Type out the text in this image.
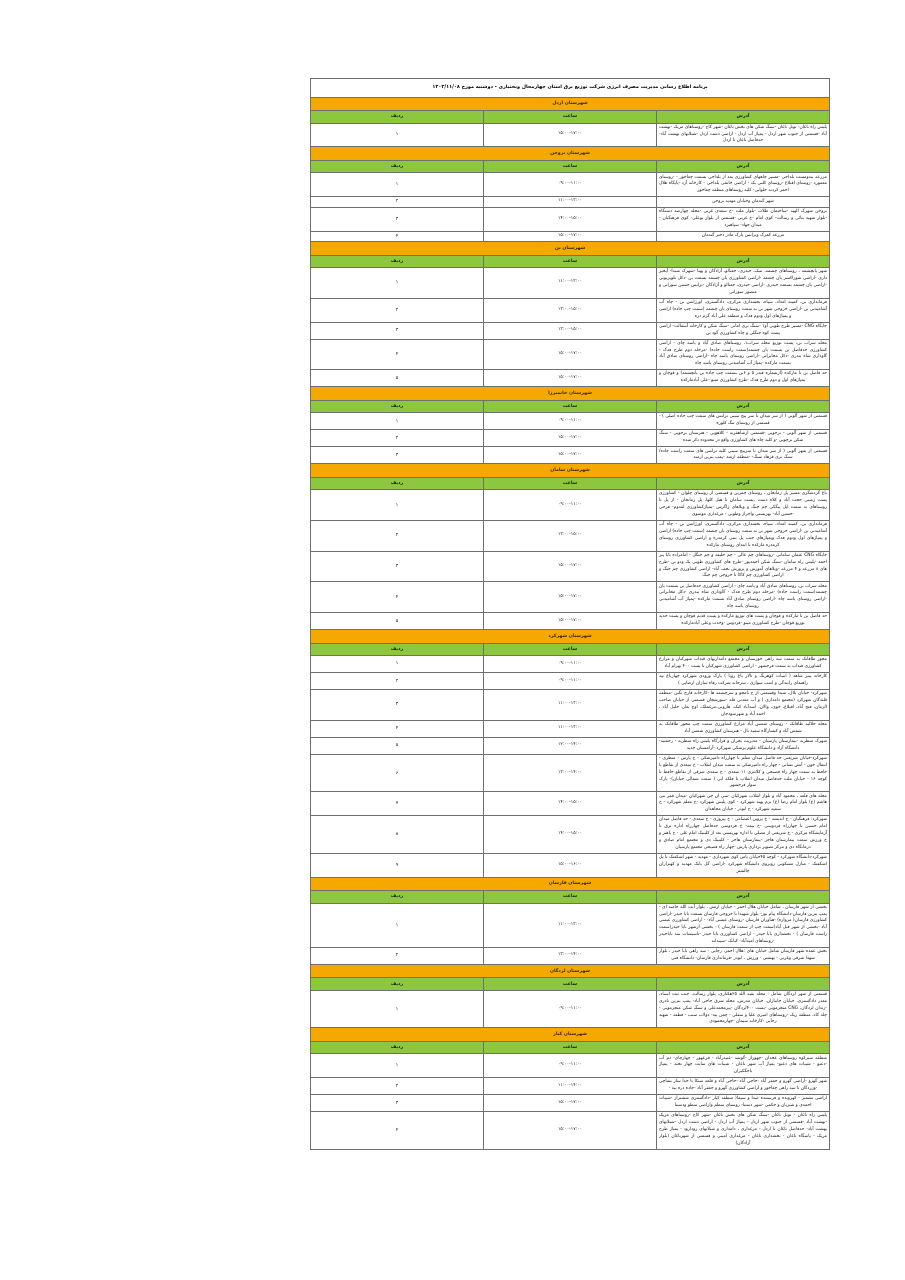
برنامه اطلاع رسانی مدیریت مصرف انرژی شرکت توزیع برق استان چهارمحال وبختیاری - دوشنبه مورخ ۱۴۰۳/۱۱/۰۸		
شهرستان اردل		
آدرس	ساعت	ردیف
پلیس راه ناغان- تونل ناغان -سنگ شکن های بخش ناغان -شهر کاج -روستاهای مریک -بهشت آباد -قسمتی از جنوب شهر اردل - پمپاژ آب اردل - اراضی دشت اردل -شبلانهای بهشت آباد- حدفاصل ناغان تا اردل	۱۵:۰۰-۱۷:۰۰	۱
شهرستان بروجن		
آدرس	ساعت	ردیف
مزرعه بندومست بلداجی -مسیر چاههای کشاورزی بعد از بلداجی بسمت چغاخور - -روستای معمورد -روستای اقبلاغ -روستای کلنی بک - اراضی خانمی بلداجی - کارخانه آرد -پایگاه هلال احمر کردنه حلوایی- کلیه روستاهای منطقه چغاخور	۰۹:۰۰-۱۱:۰۰	۱
شهر گندمان وخیابان مهدیه بروجن	۱۱:۰۰-۱۳:۰۰	۲
بروجن شهرک الهیه -ساختمان طلاب -بلوار ملت -خ سعدی غربی -محله چهارصد دستگاه -بلوار شهید بنائی و رسالت- کوی امام -خ غربی -قسمتی از بلوار بوعلی- کوی فرهنگیان - میدان جهاد- سپاهبرد	۱۴:۰۰-۱۵:۰۰	۳
مزرعه کمرک وترانس پارک مادر دختر گندمان	۱۵:۰۰-۱۷:۰۰	۴
شهرستان بن		
آدرس	ساعت	ردیف
شهر یانچشمه ، روستاهای چشمه، تنبک، حیدری، جعنالو، آزادگان و پهنا -شهرک شبدا- آبخیز داری -اراضی شوراکسر یان چشمه -اراضی کشاورزی یان چشمه بسمت بن -دکل تلویزیونی -اراضی یان چشمه بسمت حیدری -اراضی حیدری، جعنالو و آزادگان -ترانس حسین سورانی و منصور سورانی	۱۱:۰۰-۱۳:۰۰	۱
فرمانداری بن، کمیته امداد، سپاه، بخشداری مرکزی، دادگستری، اورژانس بن - چاه آب آشامیدنی بن -اراضی خروجی شهر بن به سمت روستای یان چشمه (سمت چپ جاده) اراضی و پمپاژهای اول ودوم فدک و منطقه علی آباد گرم دره	۱۳:۰۰-۱۵:۰۰	۲
جایگاه CNG -مسیر طرح طوبی آو۱ -سنگ بری امانی -سنگ شکن و کارخانه آسفالت- اراضی پشت کوه جنگلی و چاه کشاورزی گود بن	۱۳:۰۰-۱۵:۰۰	۳
محله سراب بن، پست توزیع محله سراب۱، روستاهای صادق آباد و یاسه چای - اراضی کشاورزی حدفاصل بن بسمت یان چشمه(سمت راست جاده) -مرحله دوم طرح فدک - گاوداری شاه بندری -دکل مخابراتی -اراضی روستای یاسه چاه -اراضی روستای صادق آباد بسمت مارکده -پمپاژ آب آشامیدنی روستای یاسه چاه	۱۵:۰۰-۱۷:۰۰	۴
حد فاصل بن تا مارکده (ازشماره فیدر ۵ و ۶بن بسمت چپ جاده بن یانچشمه) و قوچان و پمپاژهای اول و دوم طرح فدک -طرح کشاورزی مینو -علی آبادمارکده	۱۵:۰۰-۱۷:۰۰	۵
شهرستان خانمیرزا		
آدرس	ساعت	ردیف
قسمتی از شهر آلونی ( از سر میدان تا سر پیچ سینی ترانس های سمت چپ جاده اصلی ) - قسمتی از روستای تنگ کلوره	۰۹:۰۰-۱۱:۰۰	۱
قسمتی از شهر آلونی - برجویی -قسمتی ازشاهقربه - کلاهویی - هنرستان برجویی - سنگ شکن برجویی -و کلیه چاه های کشاورزی واقع در محدوده ذکر شده	۱۵:۰۰-۱۷:۰۰	۲
قسمتی از شهر آلونی ( از سر میدان تا سرپیچ سینی کلیه ترانس های سمت راست جاده/سنگ بری فرهاد سنگ- -منطقه ارمند -پمپ بنزین ارمند	۱۵:۰۰-۱۷:۰۰	۳
شهرستان سامان		
آدرس	ساعت	ردیف
باغ گردشگری مسیر پل زمانخان ، روستای چمزین و قسمتی از روستای چلوان - کشاورزی پست زمینی حجت آباد و کلاه دست ،پست سامان تا هتل کلها، پل زمانخان - از پل تا روستاهای به سمت اپل بیگکی چم جنگ و ویلاهای زاگرس -پمپاژکشاورزی لقدوم- فرجی -حسین آباد- بهزیستی واحراز وطوبی - مرغداری موسوی	۰۹:۰۰-۱۱:۰۰	۱
فرمانداری بن، کمیته امداد، سپاه، بخشداری مرکزی، دادگستری، اورژانس بن - چاه آب آشامیدنی بن -اراضی خروجی شهر بن به سمت روستای یان چشمه (سمت چپ جاده) اراضی و پمپاژهای اول ودوم فدک وپمپاژهای جنب پل بتنی کرمدره و اراضی کشاورزی روستای کرمدره مارکده تا ابتدای روستای مارکده	۱۳:۰۰-۱۵:۰۰	۲
جایگاه CNG عثمان سامانی -روستاهای چم عالی - چم خلیفه و چم جنگل - امامزاده بابا پیر احمد -پلیس راه سامان -سنگ شکن احمدپور -طرح های کشاورزی طوبی یک ودو بن -طرح های ۸ مزرعه و ۴ مزرعه -ویلاهای آموزش و پرورش نجف آباد- اراضی کشاورزی چم جنگ و اراضی کشاورزی چم کاکا تا خروجی چم جنگ	۱۵:۰۰-۱۷:۰۰	۳
محله سراب بن، روستاهای صادق آباد و یاسه چای - اراضی کشاورزی حدفاصل بن بسمت یان چشمه(سمت راست جاده) -مرحله دوم طرح فدک - گاوداری شاه بندری -دکل مخابراتی -اراضی روستای یاسه چاه -اراضی روستای صادق آباد بسمت مارکده -پمپاژ آب آشامیدنی روستای یاسه چاه	۱۵:۰۰-۱۷:۰۰	۴
حد فاصل بن تا مارکده و قوچان و پست های توزیع مارکده و پست قدیم قوچان و پست جدید توزیع قوچان -طرح کشاورزی مینو -فردوس -وحدت وعلی آبادمارکده	۱۵:۰۰-۱۷:۰۰	۵
شهرستان شهرکرد		
آدرس	ساعت	ردیف
محور طاقانک به سمت سه راهی خوزستان و مجتمع دامداریهای قنداب شهرکیان و مزارع کشاورزی قنداب به سمت فرخشهر - اراضی کشاورزی شهرکیان تا پست ۴۰۰ بهرام آباد	۰۹:۰۰-۱۱:۰۰	۱
کارخانه پنیر شاهد ( ابنیات کوهرنگ و تالار باغ رویا ) پارک ورودی شهرکرد چهارباغ تپه راهنمای رانندگی و اسب سواری ، سرخانه شرکت رفاه سازان ارضایی )	۰۹:۰۰-۱۱:۰۰	۲
شهرکرد- خیابان بلال، شیدا وقسمتی از خ نامجو و سرچشمه ها -کارخانه قارچ نگین -منطقه قلندگان شهرکرد (مجتمع دامداری ) و آب معدنی قله -سورشجان قسمتی از خیابان صاحب الزمان، فتح آباد، اقبلاغ، خوی، والان، اسدآباد کنک، هارونی،مرغملک، اوج بغار، خلیل آباد ، احمد آباد و شهرسودجان	۱۱:۰۰-۱۳:۰۰	۳
محله جلالیه طاقانک - روستای شمس آباد مزارع کشاورزی سمت چپ محور طاقانک به شمس آباد و کشتارگاه سفید بال - هنرستان کشاورزی شمس آباد	۱۱:۰۰-۱۳:۰۰	۴
شهرک منظریه -بیمارستان پارسیان - مدیریت بحران و قرارگاه پلیس راه منظریه - رحمتیه- دانشگاه آزاد و دانشگاه علوم پزشکی شهرکرد -آرامستان جدید	۱۲:۰۰-۱۴:۰۰	۵
شهرکرد-خیابان شریعتی حد فاصل میدان معلم تا چهارراه دامپزشکی - خ پارس - منظری - انتقال خون - آتش نشانی - چهار راه دامپزشکی به سمت میدان انقلاب - خ سعدی از تقاطع با حافظ به سمت چهار راه قصبجی و کلانتری ۱۱ سعدی - خ سعدی شرقی از تقاطع حافظ تا کوچه ۱۶ - خیابان ملت حدفاصل میدان انقلاب تا فلکه ابی ( سمت شمالی خیابان)- پارک سوار فرخشهر	۱۳:۰۰-۱۴:۰۰	۶
محله های قلعه ، محمود آباد و بلوار انقلاب شهرکیان -سی ان جی شهرکیان -میدان قمر بنی هاشم (ع) بلوار امام رضا (ع) برم پهنه شهرکرد - کوی پلیس شهرکرد -خ معلم شهرکرد - خ سمیه شهرکرد - خ ابوذر - خیابان مجاهدان	۱۴:۰۰-۱۵:۰۰	۷
شهرکرد: فرهنگیان - خ اندیشه - خ پروین اعتصامی - خ پیروزی - خ سعدی - حد فاصل میدان امام حسین تا چهارراه فردوسی -خ بیمه- خ فردوسی حدفاصل چهارراه اداره برق تا آزمایشگاه مرکزی - خ شریعتی از مصلی تا اداره بهزیستی بعد از کلینیک امام علی - خ باهنر و خ ورزش سمت بیمارستان هاجر -بیمارستان هاجر - کلینیک دی و مجتمع امام صادق و درمانگاه دی و مرکز تصویر برداری پارس -چهار راه فصیحی مجتمع پارسیان	۱۴:۰۰-۱۵:۰۰	۸
شهرکرد-دانشگاه شهرکرد - کوچه ۴۵خیابان یاس کوی شهرداری - مهدیه - شهر اشکفتک تا پل اشکفتک - منازل مسکونی روبروی دانشگاه شهرکرد -اراضی گل بانک مهدیه و کهیزاران چالشتر	۱۵:۰۰-۱۶:۰۰	۹
شهرستان فارسان		
آدرس	ساعت	ردیف
بخشی از شهر فارسان ، شامل خیابان هلال احمر - خیابان ارتش ، بلوار آیت الله خامنه ای - پمپ بنزین فارسان-دانشگاه پیام نور- بلوار شهیدا تا خروجی فارسان بسمت بابا حیدر -اراضی کشاورزی فارسان( مروازه) -هنآوران فارسان -روستای عیسی آباد- - اراضی کشاورزی عیسی آباد -بخشی از شهر قبل آباد(سمت چپ از سمت فارسان ) - بخشی ازشهر بابا حیدر(سمت راست فارسان ) - بخشداری بابا حیدر - اراضی کشاورزی بابا حیدر -تاسیسات سد باباحیدر -روستاهای امیدآباد- کیانک -سیبدانه	۱۱:۰۰-۱۳:۰۰	۱
بخش عمده شهر فارسان شامل خیابان های :هلال احمر، رجایی - سه راهی بابا حیدر ، بلوار شهدا شرقی وغربی - بهشتی - ورزش ، ابوذر -فرمانداری فارسان- دانشگاه فنی	۱۳:۰۰-۱۴:۰۰	۲
شهرستان لردگان		
آدرس	ساعت	ردیف
قسمتی از شهر لردگان شامل : محله بقیه الله ۲۵هکتاری، بلوار رسالت، جنب ثبت اسناد، معذر دادگستری، خیابان جانبازان، خیابان مدرس، محله شرق حاجی آباد- پمپ بنزین نادری -زندان لردگان، CNG منجرمویی -پست ۴۰۰لردگان -پیرمحمدعلی و سنگ شکن منجرمویی - چله کاد، منطقه ریک -روستاهای امیری علیا و سفلی - چمن بید- دولاب سبب - قطعه - شهید رجایی -کارخانه سیمان -چهارمحمودی	۰۹:۰۰-۱۱:۰۰	۱
شهرستان کیار		
آدرس	ساعت	ردیف
منطقه سبزکوه روستاهای عخدان -چهوراز -گوشه -عبیدرآباد - قرعهور - چهارچای- دم آب -دعنو - شیبات های دعنو- پمپاژ آب شهر ناغان - شیبات های سایت چهار تخنه - پمپاژ باجگکیران	۰۹:۰۰-۱۱:۰۰	۱
شهر گهرو -اراضی گهرو و جعفر آباد -حاجی آباد -حاجی آباد و قلعه سنکا تا جدا ساز بشاچی -وزردگان تا سه راهی چغاخور و اراضی کشاورزی گهرو و جعفر آباد -جاده دره بید -	۱۱:۰۰-۱۴:۰۰	۲
اراضی تشمبر - کهرونده و فرستنده صدا و سیما( منطقه کیار -دادگستری ششتراز -شیبات احمدی و شیربان و حکمی -شهر دستنا- روستای سطم واراضی سطو ودستنا	۱۵:۰۰-۱۷:۰۰	۳
پلیس راه ناغان - تونل ناغان -سنگ شکن های بخش ناغان -شهر کاج -روستاهای مریک -بهشت آباد -قسمتی از جنوب شهر اردل - پمپاژ آب اردل - اراضی دشت اردل -شبلانهای بهشت آباد- حدفاصل ناغان تا اردل - مرغداری ، دامداری و شبلانهای رودارود - پمپاژ طرح مریک - پاسگاه ناغان - بخشداری ناغان - مرغداری امینی و قسمتی از شهرناغان (بلوار آزادگان)	۱۵:۰۰-۱۷:۰۰	۴
